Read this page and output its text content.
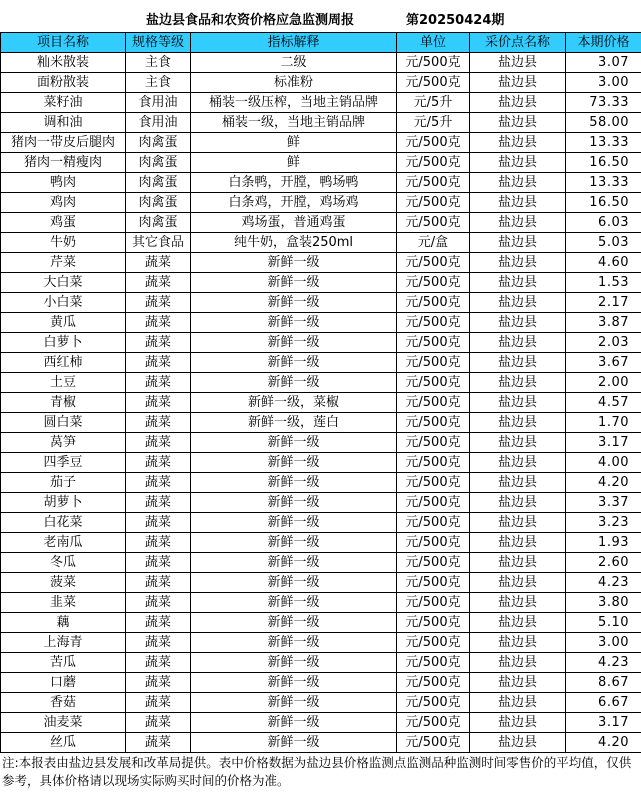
盐边县食品和农资价格应急监测周报	第20250424期
项目名称	规格等级	指标解释	单位	采价点名称	本期价格
籼米散装	主食	二级	元/500克	盐边县	3.07
面粉散装	主食	标准粉	元/500克	盐边县	3.00
菜籽油	食用油	桶装一级压榨，当地主销品牌	元/5升	盐边县	73.33
调和油	食用油	桶装一级，当地主销品牌	元/5升	盐边县	58.00
猪肉一带皮后腿肉	肉禽蛋	鲜	元/500克	盐边县	13.33
猪肉一精瘦肉	肉禽蛋	鲜	元/500克	盐边县	16.50
鸭肉	肉禽蛋	白条鸭，开膛，鸭场鸭	元/500克	盐边县	13.33
鸡肉	肉禽蛋	白条鸡，开膛，鸡场鸡	元/500克	盐边县	16.50
鸡蛋	肉禽蛋	鸡场蛋，普通鸡蛋	元/500克	盐边县	6.03
牛奶	其它食品	纯牛奶，盒装250ml	元/盒	盐边县	5.03
芹菜	蔬菜	新鲜一级	元/500克	盐边县	4.60
大白菜	蔬菜	新鲜一级	元/500克	盐边县	1.53
小白菜	蔬菜	新鲜一级	元/500克	盐边县	2.17
黄瓜	蔬菜	新鲜一级	元/500克	盐边县	3.87
白萝卜	蔬菜	新鲜一级	元/500克	盐边县	2.03
西红柿	蔬菜	新鲜一级	元/500克	盐边县	3.67
土豆	蔬菜	新鲜一级	元/500克	盐边县	2.00
青椒	蔬菜	新鲜一级，菜椒	元/500克	盐边县	4.57
圆白菜	蔬菜	新鲜一级，莲白	元/500克	盐边县	1.70
莴笋	蔬菜	新鲜一级	元/500克	盐边县	3.17
四季豆	蔬菜	新鲜一级	元/500克	盐边县	4.00
茄子	蔬菜	新鲜一级	元/500克	盐边县	4.20
胡萝卜	蔬菜	新鲜一级	元/500克	盐边县	3.37
白花菜	蔬菜	新鲜一级	元/500克	盐边县	3.23
老南瓜	蔬菜	新鲜一级	元/500克	盐边县	1.93
冬瓜	蔬菜	新鲜一级	元/500克	盐边县	2.60
菠菜	蔬菜	新鲜一级	元/500克	盐边县	4.23
韭菜	蔬菜	新鲜一级	元/500克	盐边县	3.80
藕	蔬菜	新鲜一级	元/500克	盐边县	5.10
上海青	蔬菜	新鲜一级	元/500克	盐边县	3.00
苦瓜	蔬菜	新鲜一级	元/500克	盐边县	4.23
口蘑	蔬菜	新鲜一级	元/500克	盐边县	8.67
香菇	蔬菜	新鲜一级	元/500克	盐边县	6.67
油麦菜	蔬菜	新鲜一级	元/500克	盐边县	3.17
丝瓜	蔬菜	新鲜一级	元/500克	盐边县	4.20
注:本报表由盐边县发展和改革局提供。表中价格数据为盐边县价格监测点监测品种监测时间零售价的平均值，仅供参考，具体价格请以现场实际购买时间的价格为准。
